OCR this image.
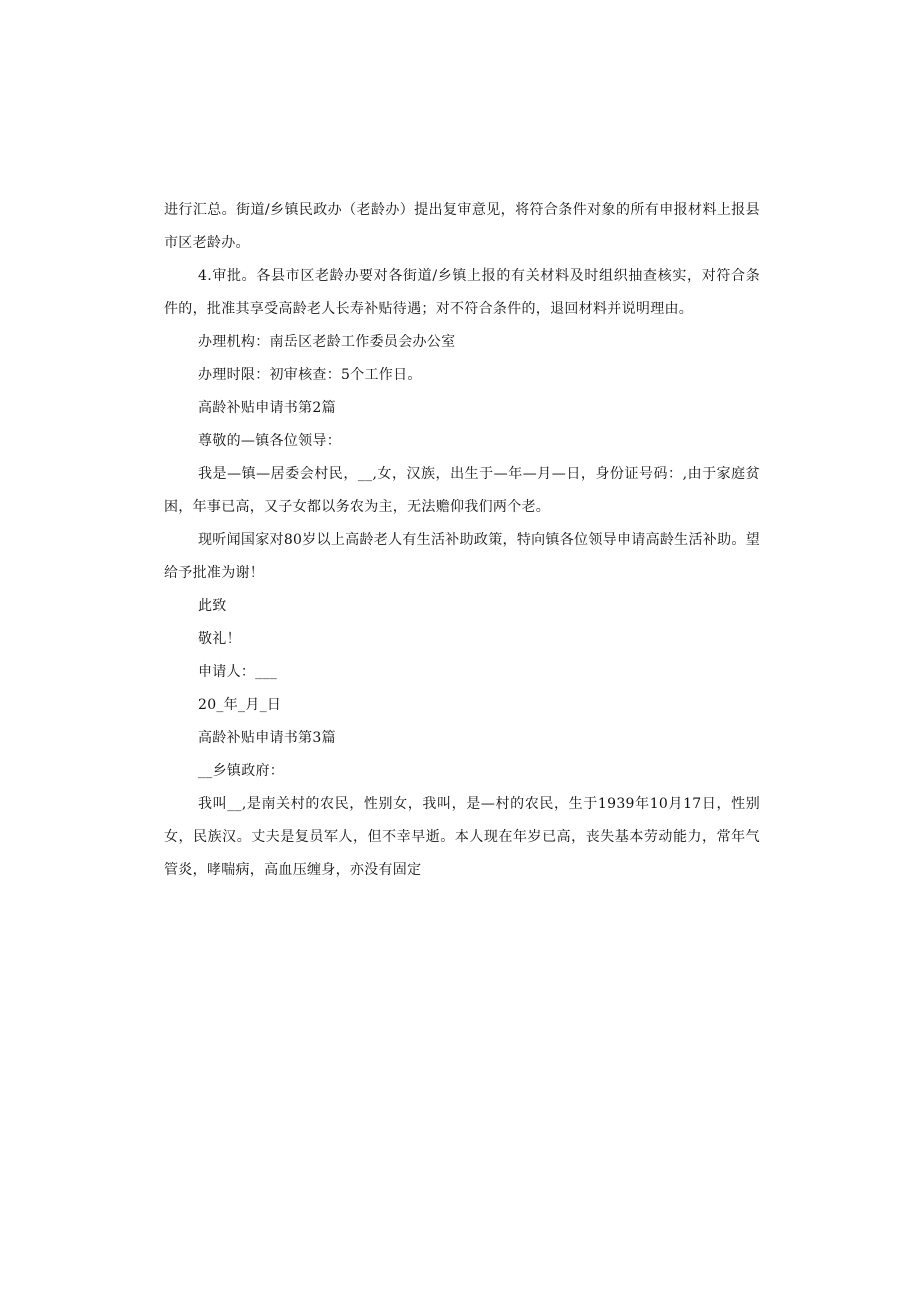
进行汇总。街道/乡镇民政办（老龄办）提出复审意见，将符合条件对象的所有申报材料上报县市区老龄办。

4.审批。各县市区老龄办要对各街道/乡镇上报的有关材料及时组织抽查核实，对符合条件的，批准其享受高龄老人长寿补贴待遇；对不符合条件的，退回材料并说明理由。

办理机构：南岳区老龄工作委员会办公室

办理时限：初审核查：5个工作日。

高龄补贴申请书第2篇

尊敬的—镇各位领导：

我是—镇—居委会村民，__,女，汉族，出生于—年—月—日，身份证号码：,由于家庭贫困，年事已高，又子女都以务农为主，无法赡仰我们两个老。

现听闻国家对80岁以上高龄老人有生活补助政策，特向镇各位领导申请高龄生活补助。望给予批准为谢！

此致

敬礼！

申请人：___

20_年_月_日

高龄补贴申请书第3篇

__乡镇政府：

我叫__,是南关村的农民，性别女，我叫，是—村的农民，生于1939年10月17日，性别女，民族汉。丈夫是复员军人，但不幸早逝。本人现在年岁已高，丧失基本劳动能力，常年气管炎，哮喘病，高血压缠身，亦没有固定
